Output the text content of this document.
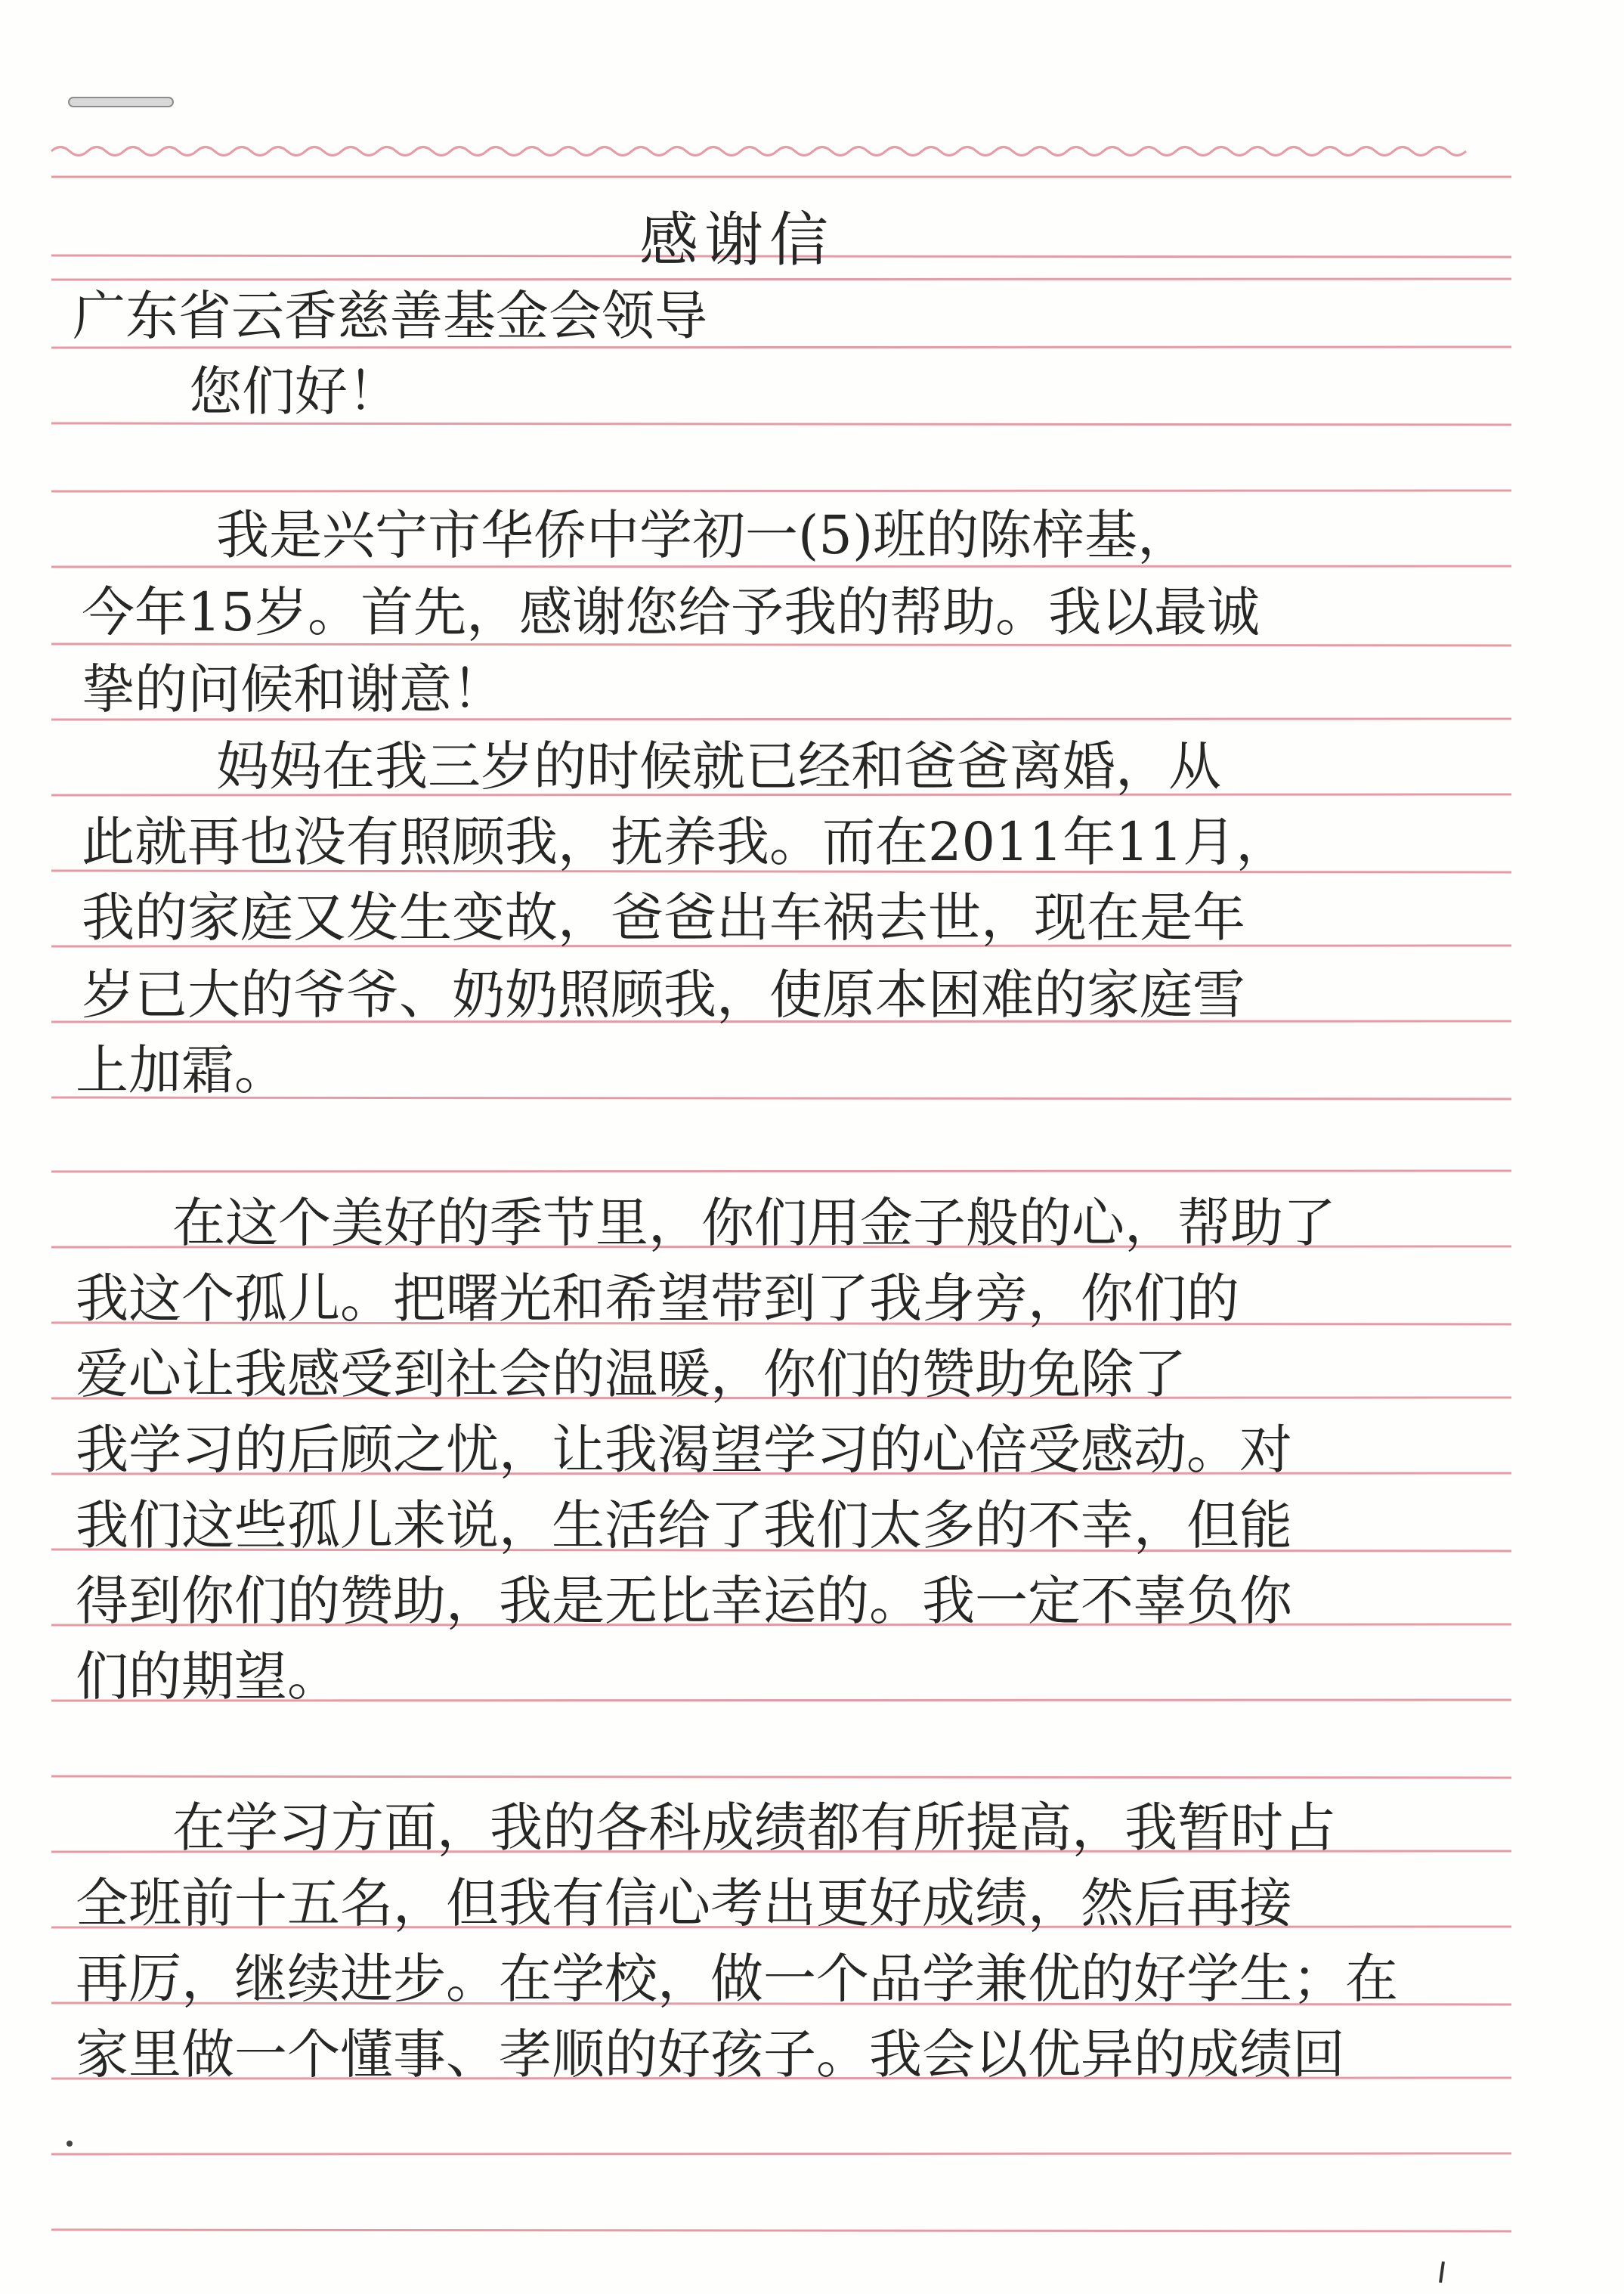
感谢信
广东省云香慈善基金会领导
您们好！
我是兴宁市华侨中学初一(5)班的陈梓基，
今年15岁。首先，感谢您给予我的帮助。我以最诚
挚的问候和谢意！
妈妈在我三岁的时候就已经和爸爸离婚，从
此就再也没有照顾我，抚养我。而在2011年11月，
我的家庭又发生变故，爸爸出车祸去世，现在是年
岁已大的爷爷、奶奶照顾我，使原本困难的家庭雪
上加霜。
在这个美好的季节里，你们用金子般的心，帮助了
我这个孤儿。把曙光和希望带到了我身旁，你们的
爱心让我感受到社会的温暖，你们的赞助免除了
我学习的后顾之忧，让我渴望学习的心倍受感动。对
我们这些孤儿来说，生活给了我们太多的不幸，但能
得到你们的赞助，我是无比幸运的。我一定不辜负你
们的期望。
在学习方面，我的各科成绩都有所提高，我暂时占
全班前十五名，但我有信心考出更好成绩，然后再接
再厉，继续进步。在学校，做一个品学兼优的好学生；在
家里做一个懂事、孝顺的好孩子。我会以优异的成绩回
